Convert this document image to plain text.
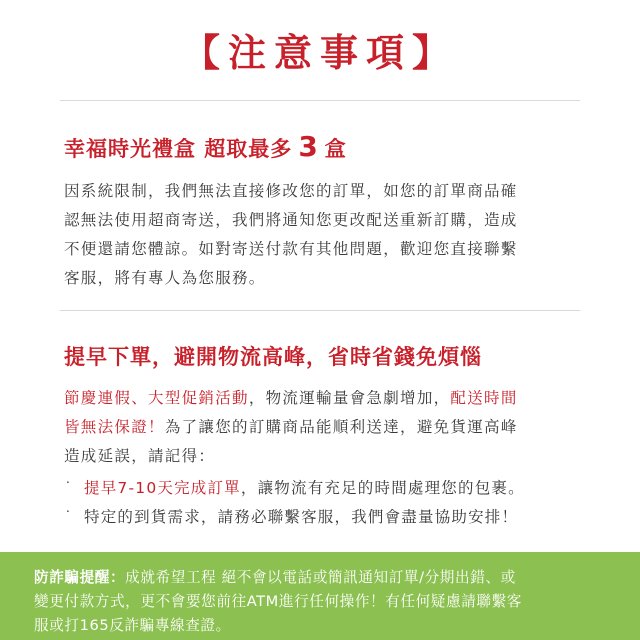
【注意事項】
幸福時光禮盒 超取最多 3 盒
因系統限制，我們無法直接修改您的訂單，如您的訂單商品確
認無法使用超商寄送，我們將通知您更改配送重新訂購，造成
不便還請您體諒。如對寄送付款有其他問題，歡迎您直接聯繫
客服，將有專人為您服務。
提早下單，避開物流高峰，省時省錢免煩惱
節慶連假、大型促銷活動，物流運輸量會急劇增加，配送時間
皆無法保證！為了讓您的訂購商品能順利送達，避免貨運高峰
造成延誤，請記得：
˙ 提早7-10天完成訂單，讓物流有充足的時間處理您的包裹。
˙ 特定的到貨需求，請務必聯繫客服，我們會盡量協助安排！
防詐騙提醒：成就希望工程 絕不會以電話或簡訊通知訂單/分期出錯、或
變更付款方式，更不會要您前往ATM進行任何操作！有任何疑慮請聯繫客
服或打165反詐騙專線查證。
